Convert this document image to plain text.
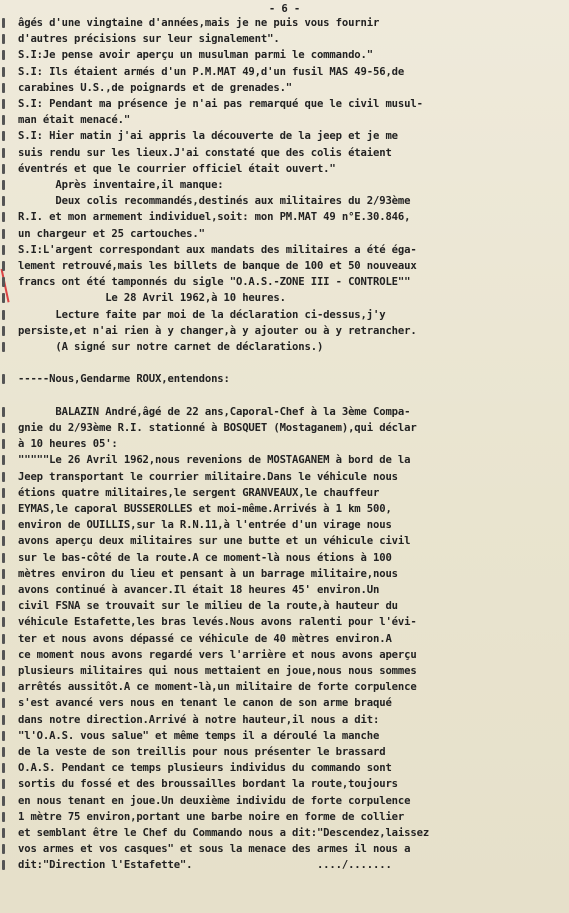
- 6 -
âgés d'une vingtaine d'années,mais je ne puis vous fournir
d'autres précisions sur leur signalement".
S.I:Je pense avoir aperçu un musulman parmi le commando."
S.I: Ils étaient armés d'un P.M.MAT 49,d'un fusil MAS 49-56,de
carabines U.S.,de poignards et de grenades."
S.I: Pendant ma présence je n'ai pas remarqué que le civil musul-
man était menacé."
S.I: Hier matin j'ai appris la découverte de la jeep et je me
suis rendu sur les lieux.J'ai constaté que des colis étaient
éventrés et que le courrier officiel était ouvert."
Après inventaire,il manque:
Deux colis recommandés,destinés aux militaires du 2/93ème
R.I. et mon armement individuel,soit: mon PM.MAT 49 n°E.30.846,
un chargeur et 25 cartouches."
S.I:L'argent correspondant aux mandats des militaires a été éga-
lement retrouvé,mais les billets de banque de 100 et 50 nouveaux
francs ont été tamponnés du sigle "O.A.S.-ZONE III - CONTROLE""
Le 28 Avril 1962,à 10 heures.
Lecture faite par moi de la déclaration ci-dessus,j'y
persiste,et n'ai rien à y changer,à y ajouter ou à y retrancher.
(A signé sur notre carnet de déclarations.)
-----Nous,Gendarme ROUX,entendons:
BALAZIN André,âgé de 22 ans,Caporal-Chef à la 3ème Compa-
gnie du 2/93ème R.I. stationné à BOSQUET (Mostaganem),qui déclar
à 10 heures 05':
"""""Le 26 Avril 1962,nous revenions de MOSTAGANEM à bord de la
Jeep transportant le courrier militaire.Dans le véhicule nous
étions quatre militaires,le sergent GRANVEAUX,le chauffeur
EYMAS,le caporal BUSSEROLLES et moi-même.Arrivés à 1 km 500,
environ de OUILLIS,sur la R.N.11,à l'entrée d'un virage nous
avons aperçu deux militaires sur une butte et un véhicule civil
sur le bas-côté de la route.A ce moment-là nous étions à 100
mètres environ du lieu et pensant à un barrage militaire,nous
avons continué à avancer.Il était 18 heures 45' environ.Un
civil FSNA se trouvait sur le milieu de la route,à hauteur du
véhicule Estafette,les bras levés.Nous avons ralenti pour l'évi-
ter et nous avons dépassé ce véhicule de 40 mètres environ.A
ce moment nous avons regardé vers l'arrière et nous avons aperçu
plusieurs militaires qui nous mettaient en joue,nous nous sommes
arrêtés aussitôt.A ce moment-là,un militaire de forte corpulence
s'est avancé vers nous en tenant le canon de son arme braqué
dans notre direction.Arrivé à notre hauteur,il nous a dit:
"l'O.A.S. vous salue" et même temps il a déroulé la manche
de la veste de son treillis pour nous présenter le brassard
O.A.S. Pendant ce temps plusieurs individus du commando sont
sortis du fossé et des broussailles bordant la route,toujours
en nous tenant en joue.Un deuxième individu de forte corpulence
1 mètre 75 environ,portant une barbe noire en forme de collier
et semblant être le Chef du Commando nous a dit:"Descendez,laissez
vos armes et vos casques" et sous la menace des armes il nous a
dit:"Direction l'Estafette".                    ..../.......
